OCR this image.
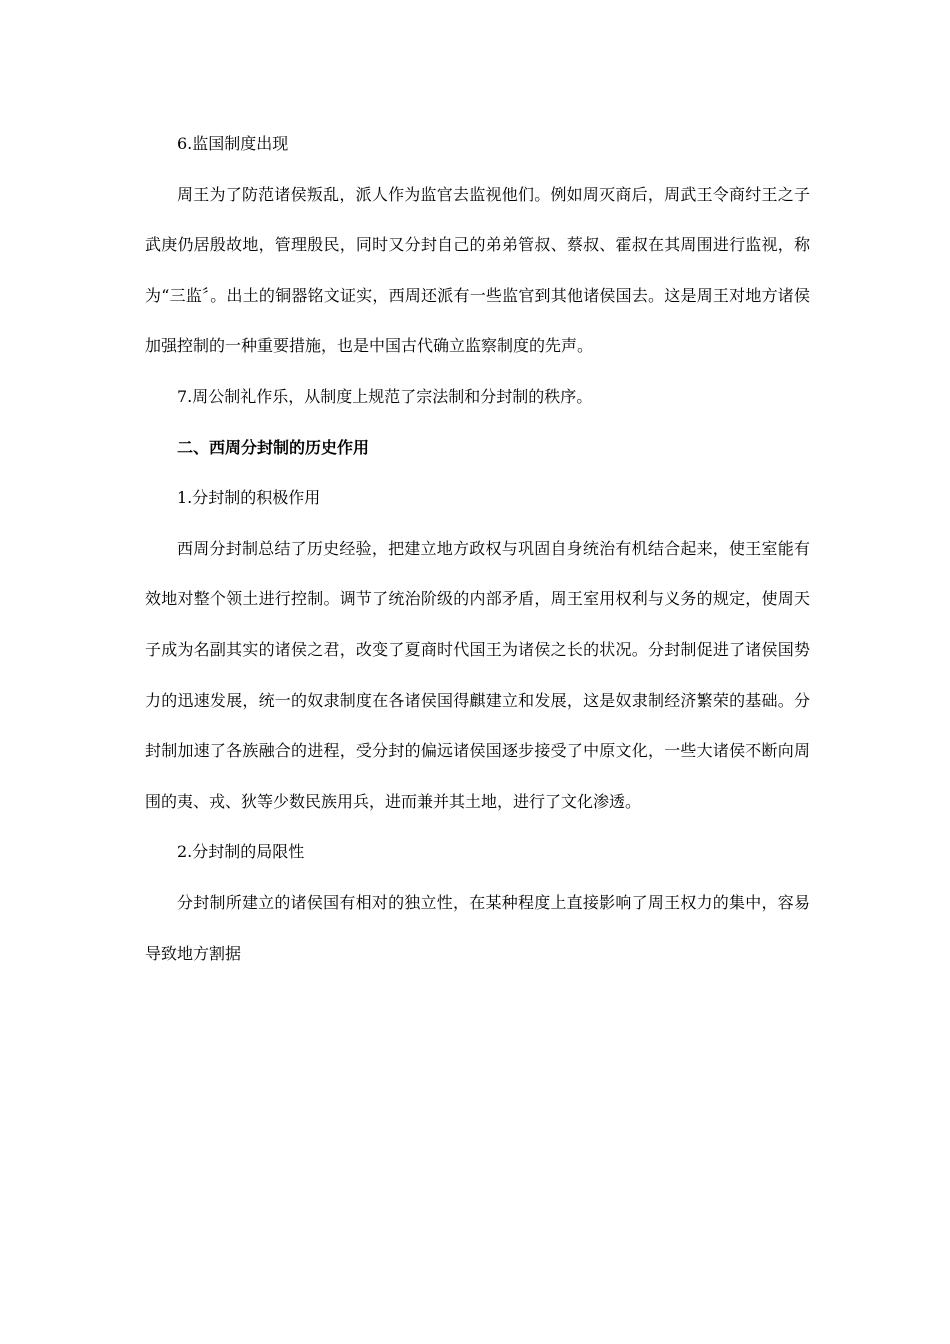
6.监国制度出现

周王为了防范诸侯叛乱，派人作为监官去监视他们。例如周灭商后，周武王令商纣王之子武庚仍居殷故地，管理殷民，同时又分封自己的弟弟管叔、蔡叔、霍叔在其周围进行监视，称为“三监〞。出土的铜器铭文证实，西周还派有一些监官到其他诸侯国去。这是周王对地方诸侯加强控制的一种重要措施，也是中国古代确立监察制度的先声。

7.周公制礼作乐，从制度上规范了宗法制和分封制的秩序。

二、西周分封制的历史作用

1.分封制的积极作用

西周分封制总结了历史经验，把建立地方政权与巩固自身统治有机结合起来，使王室能有效地对整个领土进行控制。调节了统治阶级的内部矛盾，周王室用权利与义务的规定，使周天子成为名副其实的诸侯之君，改变了夏商时代国王为诸侯之长的状况。分封制促进了诸侯国势力的迅速发展，统一的奴隶制度在各诸侯国得麒建立和发展，这是奴隶制经济繁荣的基础。分封制加速了各族融合的进程，受分封的偏远诸侯国逐步接受了中原文化，一些大诸侯不断向周围的夷、戎、狄等少数民族用兵，进而兼并其土地，进行了文化渗透。

2.分封制的局限性

分封制所建立的诸侯国有相对的独立性，在某种程度上直接影响了周王权力的集中，容易导致地方割据
